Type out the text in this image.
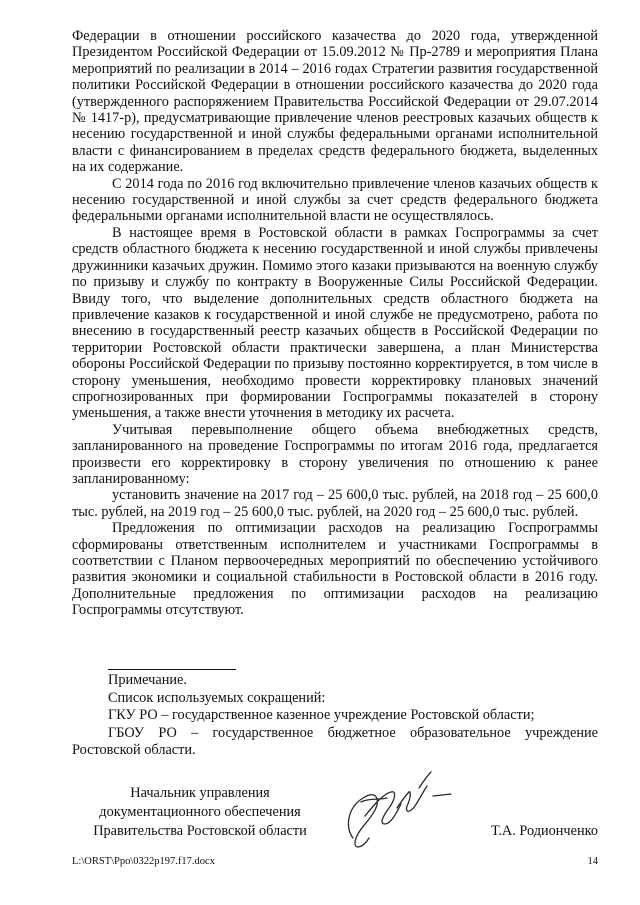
Федерации в отношении российского казачества до 2020 года, утвержденной Президентом Российской Федерации от 15.09.2012 № Пр-2789 и мероприятия Плана мероприятий по реализации в 2014 – 2016 годах Стратегии развития государственной политики Российской Федерации в отношении российского казачества до 2020 года (утвержденного распоряжением Правительства Российской Федерации от 29.07.2014 № 1417-р), предусматривающие привлечение членов реестровых казачьих обществ к несению государственной и иной службы федеральными органами исполнительной власти с финансированием в пределах средств федерального бюджета, выделенных на их содержание.

С 2014 года по 2016 год включительно привлечение членов казачьих обществ к несению государственной и иной службы за счет средств федерального бюджета федеральными органами исполнительной власти не осуществлялось.

В настоящее время в Ростовской области в рамках Госпрограммы за счет средств областного бюджета к несению государственной и иной службы привлечены дружинники казачьих дружин. Помимо этого казаки призываются на военную службу по призыву и службу по контракту в Вооруженные Силы Российской Федерации. Ввиду того, что выделение дополнительных средств областного бюджета на привлечение казаков к государственной и иной службе не предусмотрено, работа по внесению в государственный реестр казачьих обществ в Российской Федерации по территории Ростовской области практически завершена, а план Министерства обороны Российской Федерации по призыву постоянно корректируется, в том числе в сторону уменьшения, необходимо провести корректировку плановых значений спрогнозированных при формировании Госпрограммы показателей в сторону уменьшения, а также внести уточнения в методику их расчета.

Учитывая перевыполнение общего объема внебюджетных средств, запланированного на проведение Госпрограммы по итогам 2016 года, предлагается произвести его корректировку в сторону увеличения по отношению к ранее запланированному:

установить значение на 2017 год – 25 600,0 тыс. рублей, на 2018 год – 25 600,0 тыс. рублей, на 2019 год – 25 600,0 тыс. рублей, на 2020 год – 25 600,0 тыс. рублей.

Предложения по оптимизации расходов на реализацию Госпрограммы сформированы ответственным исполнителем и участниками Госпрограммы в соответствии с Планом первоочередных мероприятий по обеспечению устойчивого развития экономики и социальной стабильности в Ростовской области в 2016 году. Дополнительные предложения по оптимизации расходов на реализацию Госпрограммы отсутствуют.

Примечание.

Список используемых сокращений:

ГКУ РО – государственное казенное учреждение Ростовской области;

ГБОУ РО – государственное бюджетное образовательное учреждение Ростовской области.

Начальник управления
документационного обеспечения
Правительства Ростовской области	Т.А. Родионченко
L:\ORST\Ppo\0322p197.f17.docx	14
